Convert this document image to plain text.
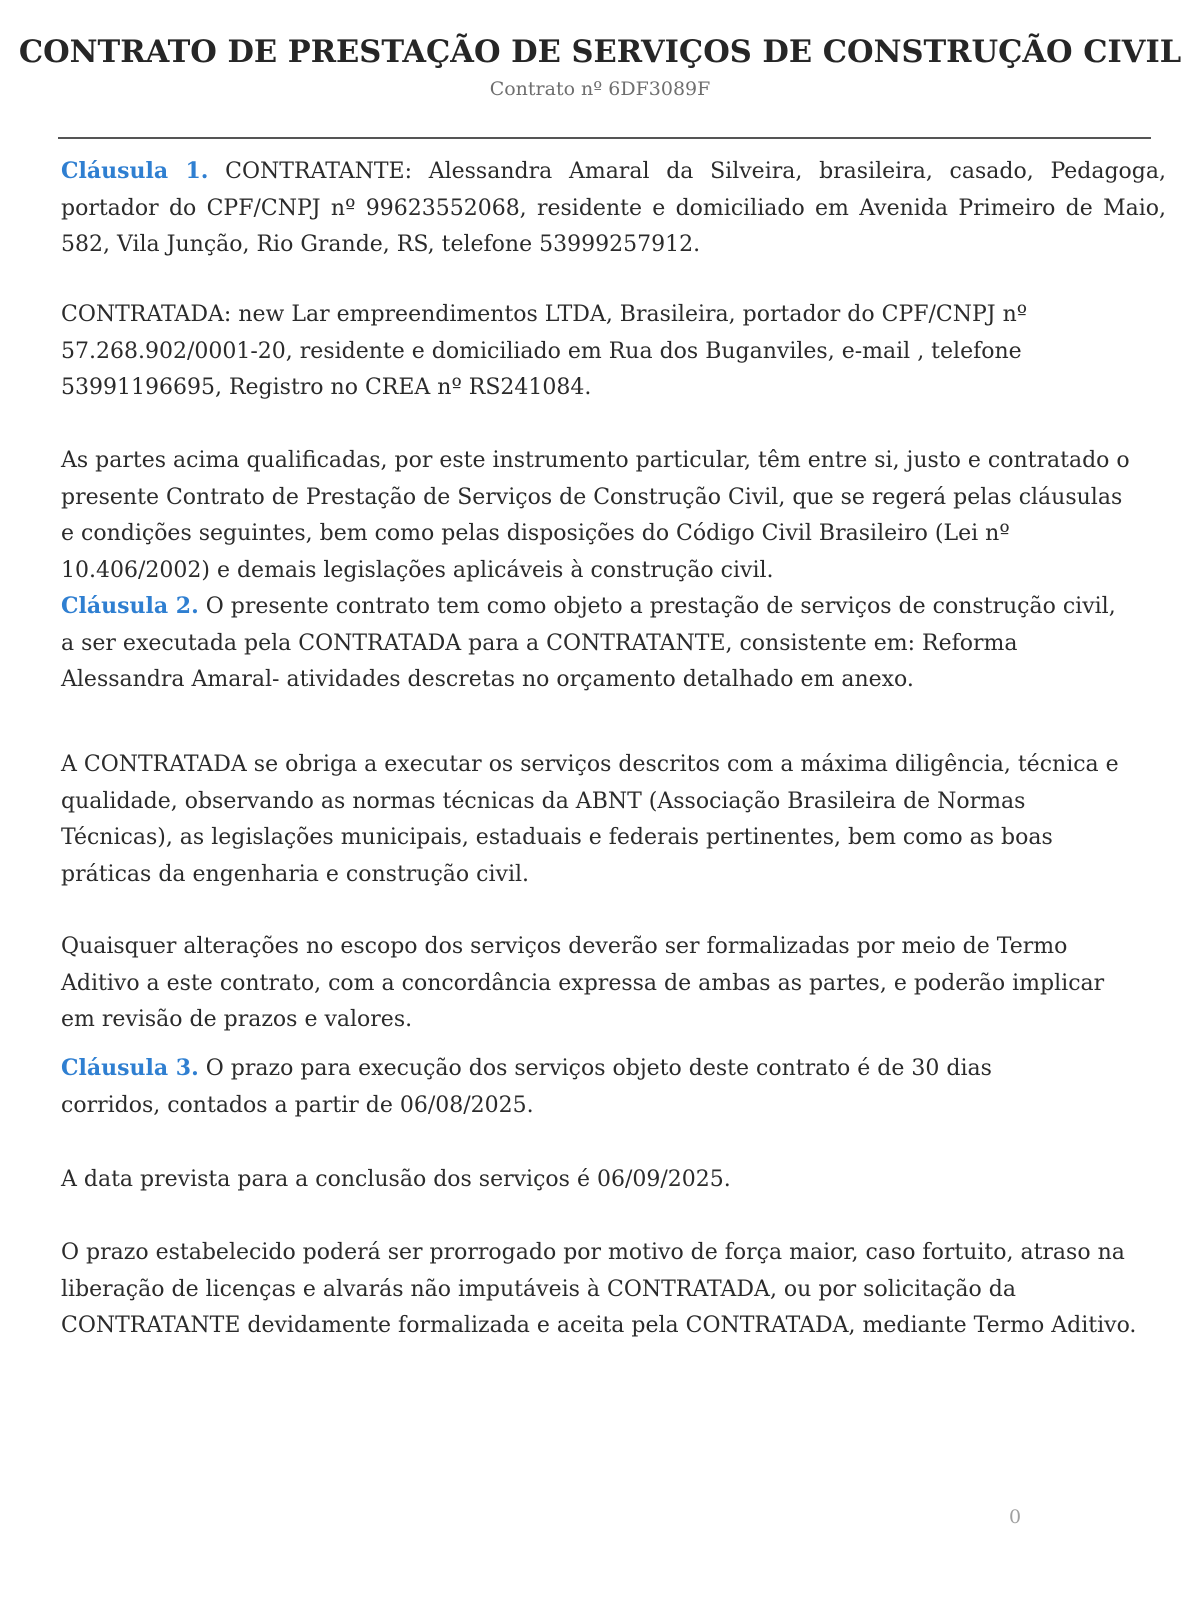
CONTRATO DE PRESTAÇÃO DE SERVIÇOS DE CONSTRUÇÃO CIVIL
Contrato nº 6DF3089F

Cláusula 1. CONTRATANTE: Alessandra Amaral da Silveira, brasileira, casado, Pedagoga, portador do CPF/CNPJ nº 99623552068, residente e domiciliado em Avenida Primeiro de Maio, 582, Vila Junção, Rio Grande, RS, telefone 53999257912.

CONTRATADA: new Lar empreendimentos LTDA, Brasileira, portador do CPF/CNPJ nº 57.268.902/0001-20, residente e domiciliado em Rua dos Buganviles, e-mail , telefone 53991196695, Registro no CREA nº RS241084.

As partes acima qualificadas, por este instrumento particular, têm entre si, justo e contratado o presente Contrato de Prestação de Serviços de Construção Civil, que se regerá pelas cláusulas e condições seguintes, bem como pelas disposições do Código Civil Brasileiro (Lei nº 10.406/2002) e demais legislações aplicáveis à construção civil.

Cláusula 2. O presente contrato tem como objeto a prestação de serviços de construção civil, a ser executada pela CONTRATADA para a CONTRATANTE, consistente em: Reforma Alessandra Amaral- atividades descretas no orçamento detalhado em anexo.

A CONTRATADA se obriga a executar os serviços descritos com a máxima diligência, técnica e qualidade, observando as normas técnicas da ABNT (Associação Brasileira de Normas Técnicas), as legislações municipais, estaduais e federais pertinentes, bem como as boas práticas da engenharia e construção civil.

Quaisquer alterações no escopo dos serviços deverão ser formalizadas por meio de Termo Aditivo a este contrato, com a concordância expressa de ambas as partes, e poderão implicar em revisão de prazos e valores.

Cláusula 3. O prazo para execução dos serviços objeto deste contrato é de 30 dias corridos, contados a partir de 06/08/2025.

A data prevista para a conclusão dos serviços é 06/09/2025.

O prazo estabelecido poderá ser prorrogado por motivo de força maior, caso fortuito, atraso na liberação de licenças e alvarás não imputáveis à CONTRATADA, ou por solicitação da CONTRATANTE devidamente formalizada e aceita pela CONTRATADA, mediante Termo Aditivo.

0
